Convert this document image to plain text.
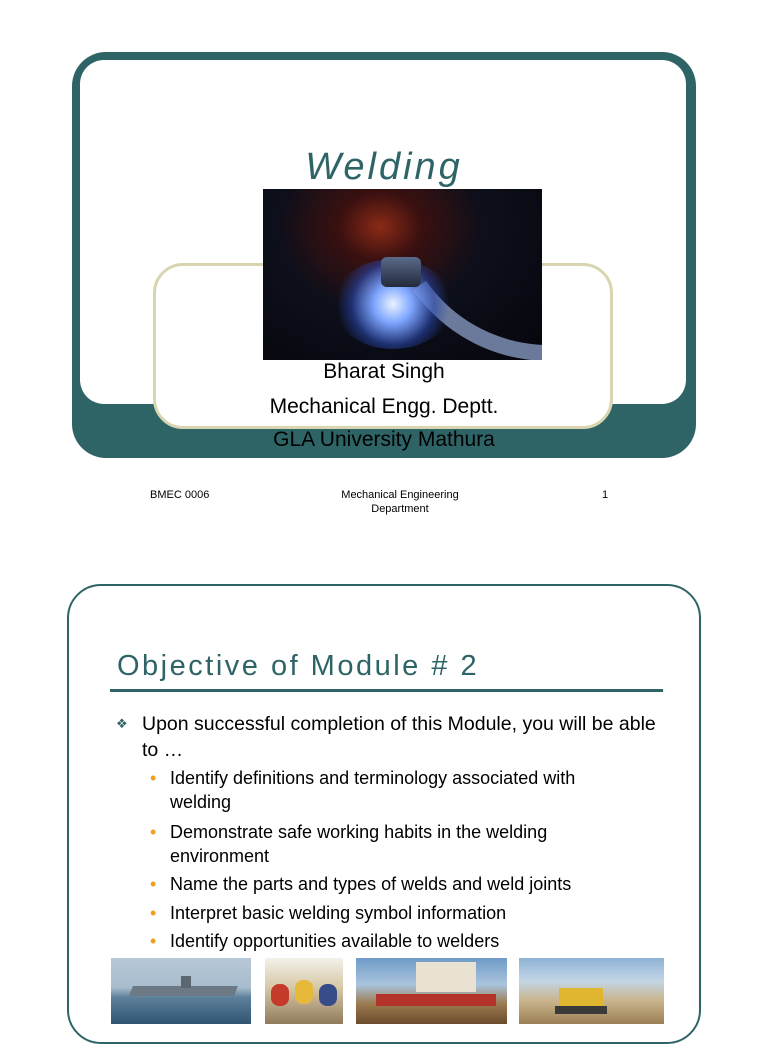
Welding
Bharat Singh
Mechanical Engg. Deptt.
GLA University Mathura
BMEC 0006	Mechanical Engineering
Department
1
Objective of Module # 2
❖ Upon successful completion of this Module, you will be able to …
• Identify definitions and terminology associated with welding
• Demonstrate safe working habits in the welding environment
• Name the parts and types of welds and weld joints
• Interpret basic welding symbol information
• Identify opportunities available to welders
